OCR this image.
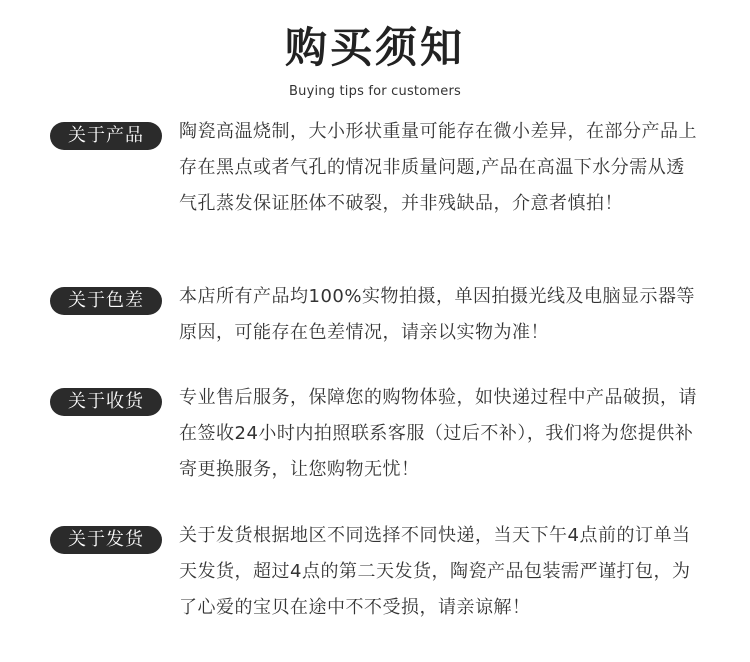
购买须知
Buying tips for customers
关于产品	陶瓷高温烧制，大小形状重量可能存在微小差异，在部分产品上存在黑点或者气孔的情况非质量问题,产品在高温下水分需从透气孔蒸发保证胚体不破裂，并非残缺品，介意者慎拍！
关于色差	本店所有产品均100%实物拍摄，单因拍摄光线及电脑显示器等原因，可能存在色差情况，请亲以实物为准！
关于收货	专业售后服务，保障您的购物体验，如快递过程中产品破损，请在签收24小时内拍照联系客服（过后不补），我们将为您提供补寄更换服务，让您购物无忧！
关于发货	关于发货根据地区不同选择不同快递，当天下午4点前的订单当天发货，超过4点的第二天发货，陶瓷产品包装需严谨打包，为了心爱的宝贝在途中不不受损，请亲谅解！
